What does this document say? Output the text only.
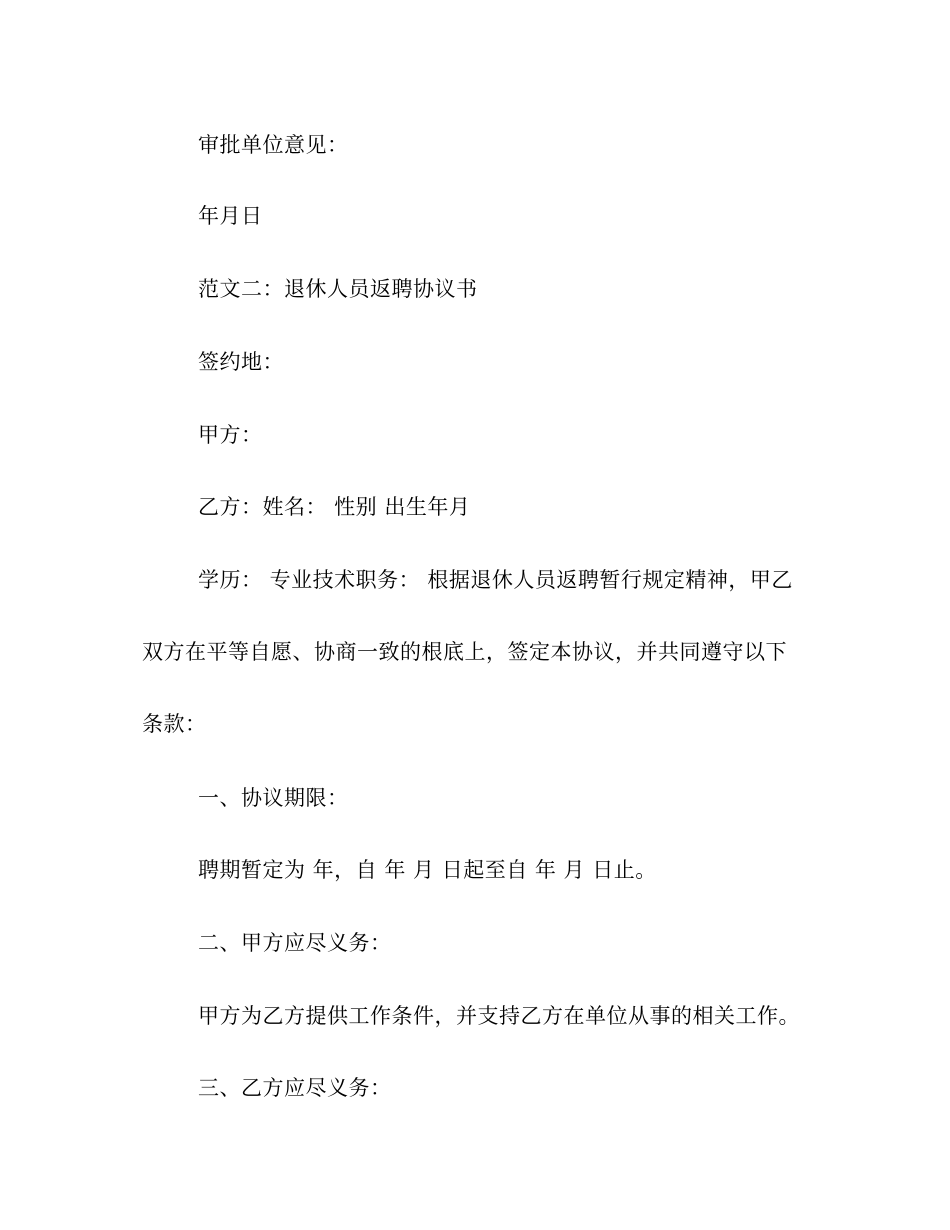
审批单位意见：
年月日
范文二：退休人员返聘协议书
签约地：
甲方：
乙方：姓名： 性别 出生年月
学历： 专业技术职务： 根据退休人员返聘暂行规定精神，甲乙
双方在平等自愿、协商一致的根底上，签定本协议，并共同遵守以下
条款：
一、协议期限：
聘期暂定为 年，自 年 月 日起至自 年 月 日止。
二、甲方应尽义务：
甲方为乙方提供工作条件，并支持乙方在单位从事的相关工作。
三、乙方应尽义务：
